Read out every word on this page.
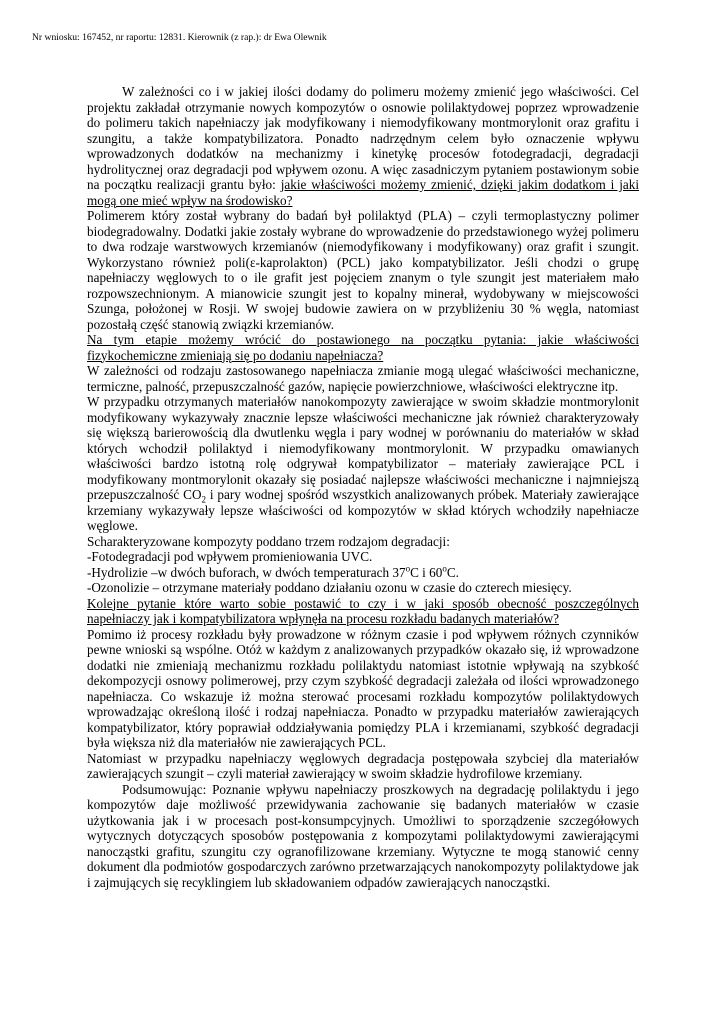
Nr wniosku: 167452, nr raportu: 12831. Kierownik (z rap.): dr Ewa Olewnik

W zależności co i w jakiej ilości dodamy do polimeru możemy zmienić jego właściwości. Cel projektu zakładał otrzymanie nowych kompozytów o osnowie polilaktydowej poprzez wprowadzenie do polimeru takich napełniaczy jak modyfikowany i niemodyfikowany montmorylonit oraz grafitu i szungitu, a także kompatybilizatora. Ponadto nadrzędnym celem było oznaczenie wpływu wprowadzonych dodatków na mechanizmy i kinetykę procesów fotodegradacji, degradacji hydrolitycznej oraz degradacji pod wpływem ozonu. A więc zasadniczym pytaniem postawionym sobie na początku realizacji grantu było: jakie właściwości możemy zmienić, dzięki jakim dodatkom i jaki mogą one mieć wpływ na środowisko?

Polimerem który został wybrany do badań był polilaktyd (PLA) – czyli termoplastyczny polimer biodegradowalny. Dodatki jakie zostały wybrane do wprowadzenie do przedstawionego wyżej polimeru to dwa rodzaje warstwowych krzemianów (niemodyfikowany i modyfikowany) oraz grafit i szungit. Wykorzystano również poli(ε-kaprolakton) (PCL) jako kompatybilizator. Jeśli chodzi o grupę napełniaczy węglowych to o ile grafit jest pojęciem znanym o tyle szungit jest materiałem mało rozpowszechnionym. A mianowicie szungit jest to kopalny minerał, wydobywany w miejscowości Szunga, położonej w Rosji. W swojej budowie zawiera on w przybliżeniu 30 % węgla, natomiast pozostałą część stanowią związki krzemianów.

Na tym etapie możemy wrócić do postawionego na początku pytania: jakie właściwości fizykochemiczne zmieniają się po dodaniu napełniacza?

W zależności od rodzaju zastosowanego napełniacza zmianie mogą ulegać właściwości mechaniczne, termiczne, palność, przepuszczalność gazów, napięcie powierzchniowe, właściwości elektryczne itp.

W przypadku otrzymanych materiałów nanokompozyty zawierające w swoim składzie montmorylonit modyfikowany wykazywały znacznie lepsze właściwości mechaniczne jak również charakteryzowały się większą barierowością dla dwutlenku węgla i pary wodnej w porównaniu do materiałów w skład których wchodził polilaktyd i niemodyfikowany montmorylonit. W przypadku omawianych właściwości bardzo istotną rolę odgrywał kompatybilizator – materiały zawierające PCL i modyfikowany montmorylonit okazały się posiadać najlepsze właściwości mechaniczne i najmniejszą przepuszczalność $CO_2$ i pary wodnej spośród wszystkich analizowanych próbek. Materiały zawierające krzemiany wykazywały lepsze właściwości od kompozytów w skład których wchodziły napełniacze węglowe.

Scharakteryzowane kompozyty poddano trzem rodzajom degradacji:

-Fotodegradacji pod wpływem promieniowania UVC.

-Hydrolizie –w dwóch buforach, w dwóch temperaturach 37$^o$C i 60$^o$C.

-Ozonolizie – otrzymane materiały poddano działaniu ozonu w czasie do czterech miesięcy.

Kolejne pytanie które warto sobie postawić to czy i w jaki sposób obecność poszczególnych napełniaczy jak i kompatybilizatora wpłynęła na procesu rozkładu badanych materiałów?

Pomimo iż procesy rozkładu były prowadzone w różnym czasie i pod wpływem różnych czynników pewne wnioski są wspólne. Otóż w każdym z analizowanych przypadków okazało się, iż wprowadzone dodatki nie zmieniają mechanizmu rozkładu polilaktydu natomiast istotnie wpływają na szybkość dekompozycji osnowy polimerowej, przy czym szybkość degradacji zależała od ilości wprowadzonego napełniacza. Co wskazuje iż można sterować procesami rozkładu kompozytów polilaktydowych wprowadzając określoną ilość i rodzaj napełniacza. Ponadto w przypadku materiałów zawierających kompatybilizator, który poprawiał oddziaływania pomiędzy PLA i krzemianami, szybkość degradacji była większa niż dla materiałów nie zawierających PCL.

Natomiast w przypadku napełniaczy węglowych degradacja postępowała szybciej dla materiałów zawierających szungit – czyli materiał zawierający w swoim składzie hydrofilowe krzemiany.

Podsumowując: Poznanie wpływu napełniaczy proszkowych na degradację polilaktydu i jego kompozytów daje możliwość przewidywania zachowanie się badanych materiałów w czasie użytkowania jak i w procesach post-konsumpcyjnych. Umożliwi to sporządzenie szczegółowych wytycznych dotyczących sposobów postępowania z kompozytami polilaktydowymi zawierającymi nanocząstki grafitu, szungitu czy ogranofilizowane krzemiany. Wytyczne te mogą stanowić cenny dokument dla podmiotów gospodarczych zarówno przetwarzających nanokompozyty polilaktydowe jak i zajmujących się recyklingiem lub składowaniem odpadów zawierających nanocząstki.
